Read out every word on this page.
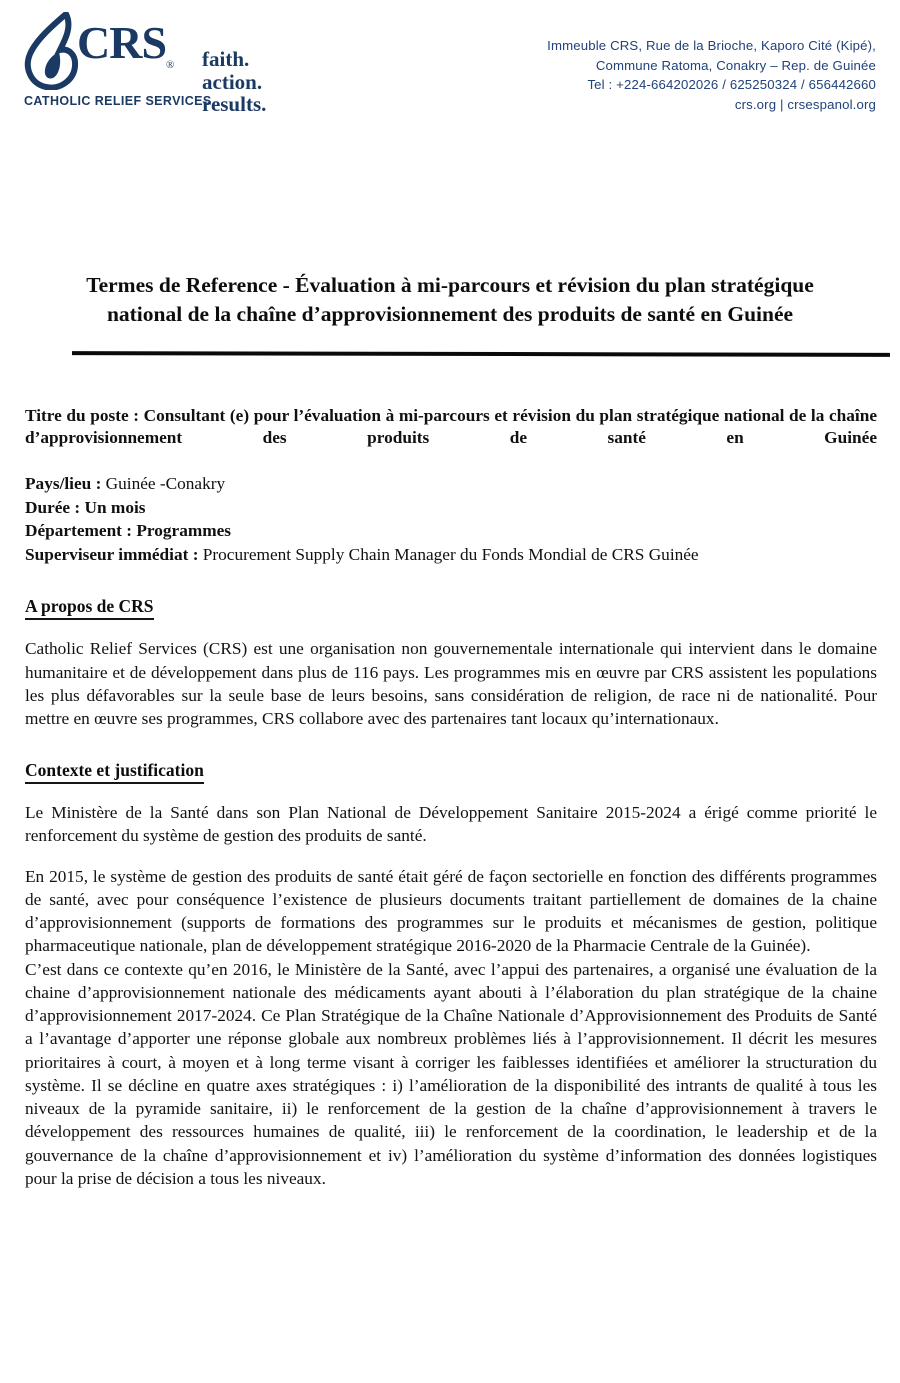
$CRS_®$
CATHOLIC RELIEF SERVICES
faith.
action.
results.
Immeuble CRS, Rue de la Brioche, Kaporo Cité (Kipé),
Commune Ratoma, Conakry – Rep. de Guinée
Tel : +224-664202026 / 625250324 / 656442660
crs.org | crsespanol.org
Termes de Reference - Évaluation à mi-parcours et révision du plan stratégique national de la chaîne d’approvisionnement des produits de santé en Guinée
Titre du poste : Consultant (e) pour l’évaluation à mi-parcours et révision du plan stratégique national de la chaîne d’approvisionnement des produits de santé en Guinée
Pays/lieu : Guinée -Conakry
Durée : Un mois
Département : Programmes
Superviseur immédiat : Procurement Supply Chain Manager du Fonds Mondial de CRS Guinée
A propos de CRS

Catholic Relief Services (CRS) est une organisation non gouvernementale internationale qui intervient dans le domaine humanitaire et de développement dans plus de 116 pays. Les programmes mis en œuvre par CRS assistent les populations les plus défavorables sur la seule base de leurs besoins, sans considération de religion, de race ni de nationalité. Pour mettre en œuvre ses programmes, CRS collabore avec des partenaires tant locaux qu’internationaux.

Contexte et justification

Le Ministère de la Santé dans son Plan National de Développement Sanitaire 2015-2024 a érigé comme priorité le renforcement du système de gestion des produits de santé.

En 2015, le système de gestion des produits de santé était géré de façon sectorielle en fonction des différents programmes de santé, avec pour conséquence l’existence de plusieurs documents traitant partiellement de domaines de la chaine d’approvisionnement (supports de formations des programmes sur le produits et mécanismes de gestion, politique pharmaceutique nationale, plan de développement stratégique 2016-2020 de la Pharmacie Centrale de la Guinée).

C’est dans ce contexte qu’en 2016, le Ministère de la Santé, avec l’appui des partenaires, a organisé une évaluation de la chaine d’approvisionnement nationale des médicaments ayant abouti à l’élaboration du plan stratégique de la chaine d’approvisionnement 2017-2024. Ce Plan Stratégique de la Chaîne Nationale d’Approvisionnement des Produits de Santé a l’avantage d’apporter une réponse globale aux nombreux problèmes liés à l’approvisionnement. Il décrit les mesures prioritaires à court, à moyen et à long terme visant à corriger les faiblesses identifiées et améliorer la structuration du système. Il se décline en quatre axes stratégiques : i) l’amélioration de la disponibilité des intrants de qualité à tous les niveaux de la pyramide sanitaire, ii) le renforcement de la gestion de la chaîne d’approvisionnement à travers le développement des ressources humaines de qualité, iii) le renforcement de la coordination, le leadership et de la gouvernance de la chaîne d’approvisionnement et iv) l’amélioration du système d’information des données logistiques pour la prise de décision a tous les niveaux.
